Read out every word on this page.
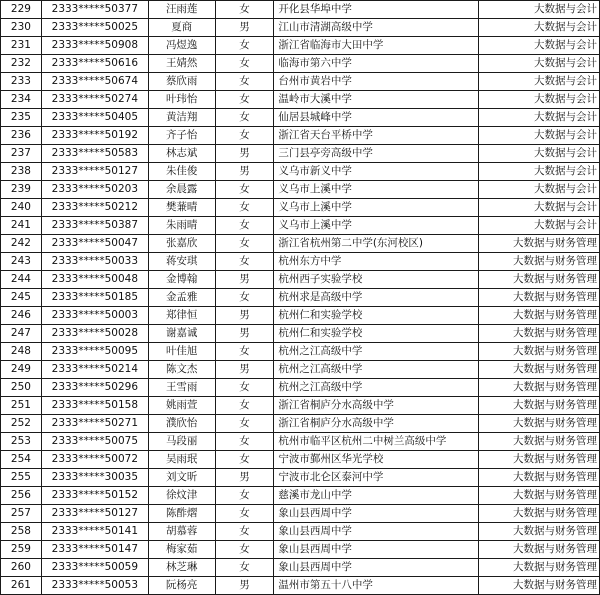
229	2333*****50377	汪雨莲	女	开化县华埠中学	大数据与会计
230	2333*****50025	夏商	男	江山市清湖高级中学	大数据与会计
231	2333*****50908	冯煜逸	女	浙江省临海市大田中学	大数据与会计
232	2333*****50616	王婧然	女	临海市第六中学	大数据与会计
233	2333*****50674	蔡欣雨	女	台州市黄岩中学	大数据与会计
234	2333*****50274	叶玮怡	女	温岭市大溪中学	大数据与会计
235	2333*****50405	黄洁翔	女	仙居县城峰中学	大数据与会计
236	2333*****50192	齐子怡	女	浙江省天台平桥中学	大数据与会计
237	2333*****50583	林志斌	男	三门县亭旁高级中学	大数据与会计
238	2333*****50127	朱佳俊	男	义乌市新义中学	大数据与会计
239	2333*****50203	余晨露	女	义乌市上溪中学	大数据与会计
240	2333*****50212	樊蒹晴	女	义乌市上溪中学	大数据与会计
241	2333*****50387	朱雨晴	女	义乌市上溪中学	大数据与会计
242	2333*****50047	张嘉欣	女	浙江省杭州第二中学(东河校区)	大数据与财务管理
243	2333*****50033	蒋安琪	女	杭州东方中学	大数据与财务管理
244	2333*****50048	金博翰	男	杭州西子实验学校	大数据与财务管理
245	2333*****50185	金孟雅	女	杭州求是高级中学	大数据与财务管理
246	2333*****50003	郑律恒	男	杭州仁和实验学校	大数据与财务管理
247	2333*****50028	谢嘉诚	男	杭州仁和实验学校	大数据与财务管理
248	2333*****50095	叶佳旭	女	杭州之江高级中学	大数据与财务管理
249	2333*****50214	陈文杰	男	杭州之江高级中学	大数据与财务管理
250	2333*****50296	王雪雨	女	杭州之江高级中学	大数据与财务管理
251	2333*****50158	姚雨萱	女	浙江省桐庐分水高级中学	大数据与财务管理
252	2333*****50271	濮欣怡	女	浙江省桐庐分水高级中学	大数据与财务管理
253	2333*****50075	马段丽	女	杭州市临平区杭州二中树兰高级中学	大数据与财务管理
254	2333*****50072	吴雨珉	女	宁波市鄞州区华光学校	大数据与财务管理
255	2333*****30035	刘文昕	男	宁波市北仑区泰河中学	大数据与财务管理
256	2333*****50152	徐炆津	女	慈溪市龙山中学	大数据与财务管理
257	2333*****50127	陈酢熠	女	象山县西周中学	大数据与财务管理
258	2333*****50141	胡慕蓉	女	象山县西周中学	大数据与财务管理
259	2333*****50147	梅家茹	女	象山县西周中学	大数据与财务管理
260	2333*****50059	林芝琳	女	象山县西周中学	大数据与财务管理
261	2333*****50053	阮杨亮	男	温州市第五十八中学	大数据与财务管理
